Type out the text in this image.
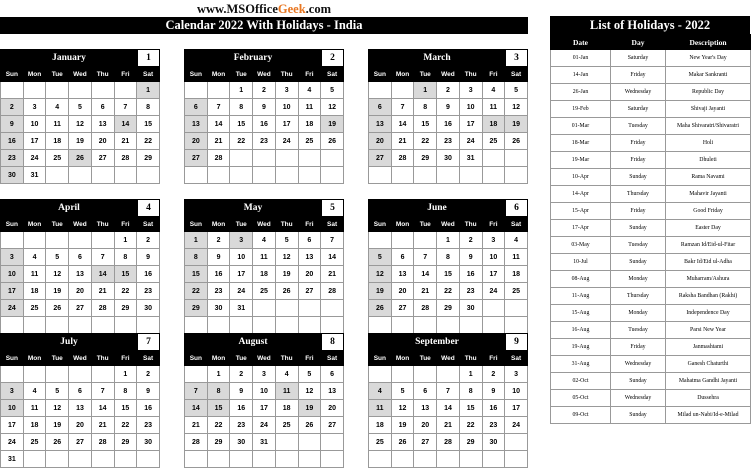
www.MSOfficeGeek.com
Calendar 2022 With Holidays - India
January	1
Sun	Mon	Tue	Wed	Thu	Fri	Sat
						1
2	3	4	5	6	7	8
9	10	11	12	13	14	15
16	17	18	19	20	21	22
23	24	25	26	27	28	29
30	31					
February	2
Sun	Mon	Tue	Wed	Thu	Fri	Sat
		1	2	3	4	5
6	7	8	9	10	11	12
13	14	15	16	17	18	19
20	21	22	23	24	25	26
27	28					

March	3
Sun	Mon	Tue	Wed	Thu	Fri	Sat
		1	2	3	4	5
6	7	8	9	10	11	12
13	14	15	16	17	18	19
20	21	22	23	24	25	26
27	28	29	30	31		

April	4
Sun	Mon	Tue	Wed	Thu	Fri	Sat
					1	2
3	4	5	6	7	8	9
10	11	12	13	14	15	16
17	18	19	20	21	22	23
24	25	26	27	28	29	30

May	5
Sun	Mon	Tue	Wed	Thu	Fri	Sat
1	2	3	4	5	6	7
8	9	10	11	12	13	14
15	16	17	18	19	20	21
22	23	24	25	26	27	28
29	30	31				

June	6
Sun	Mon	Tue	Wed	Thu	Fri	Sat
			1	2	3	4
5	6	7	8	9	10	11
12	13	14	15	16	17	18
19	20	21	22	23	24	25
26	27	28	29	30		

July	7
Sun	Mon	Tue	Wed	Thu	Fri	Sat
					1	2
3	4	5	6	7	8	9
10	11	12	13	14	15	16
17	18	19	20	21	22	23
24	25	26	27	28	29	30
31						
August	8
Sun	Mon	Tue	Wed	Thu	Fri	Sat
	1	2	3	4	5	6
7	8	9	10	11	12	13
14	15	16	17	18	19	20
21	22	23	24	25	26	27
28	29	30	31			

September	9
Sun	Mon	Tue	Wed	Thu	Fri	Sat
				1	2	3
4	5	6	7	8	9	10
11	12	13	14	15	16	17
18	19	20	21	22	23	24
25	26	27	28	29	30	

List of Holidays - 2022
Date	Day	Description
01-Jan	Saturday	New Year's Day
14-Jan	Friday	Makar Sankranti
26-Jan	Wednesday	Republic Day
19-Feb	Saturday	Shivaji Jayanti
01-Mar	Tuesday	Maha Shivaratri/Shivaratri
18-Mar	Friday	Holi
19-Mar	Friday	Dhuleti
10-Apr	Sunday	Rama Navami
14-Apr	Thursday	Mahavir Jayanti
15-Apr	Friday	Good Friday
17-Apr	Sunday	Easter Day
03-May	Tuesday	Ramzan Id/Eid-ul-Fitar
10-Jul	Sunday	Bakr Id/Eid ul-Adha
08-Aug	Monday	Muharram/Ashura
11-Aug	Thursday	Raksha Bandhan (Rakhi)
15-Aug	Monday	Independence Day
16-Aug	Tuesday	Parsi New Year
19-Aug	Friday	Janmashtami
31-Aug	Wednesday	Ganesh Chaturthi
02-Oct	Sunday	Mahatma Gandhi Jayanti
05-Oct	Wednesday	Dussehra
09-Oct	Sunday	Milad un-Nabi/Id-e-Milad
